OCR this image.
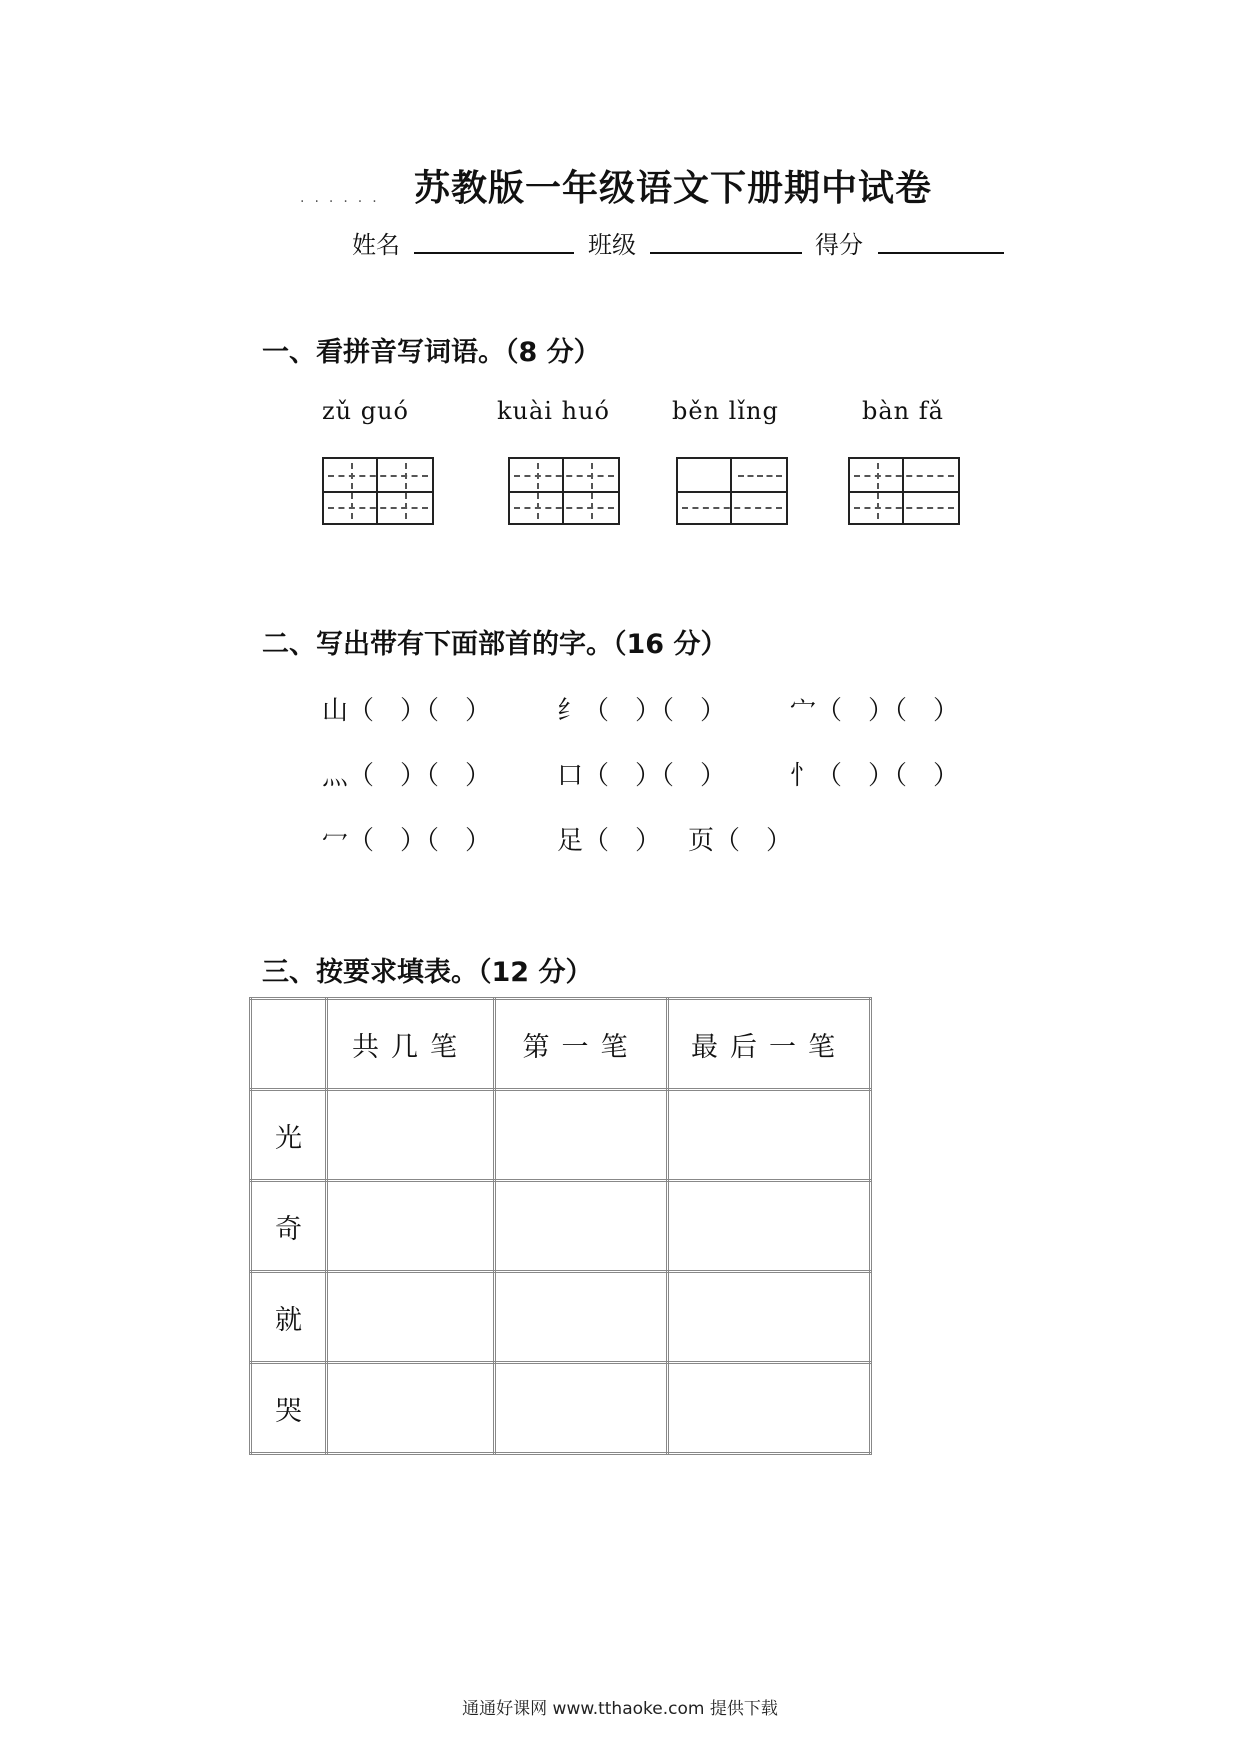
...... 苏教版一年级语文下册期中试卷
姓名	班级	得分
一、看拼音写词语。（8 分）
zǔ guó	kuài huó	běn lǐng	bàn fǎ
二、写出带有下面部首的字。（16 分）
山（　）（　）	纟（　）（　） 宀（　）（　）
灬（　）（　）	口（　）（　） 忄（　）（　）
冖（　）（　）	足（　） 页（　）
三、按要求填表。（12 分）
	共几笔	第一笔	最后一笔
光			
奇			
就			
哭			
通通好课网 www.tthaoke.com 提供下载
